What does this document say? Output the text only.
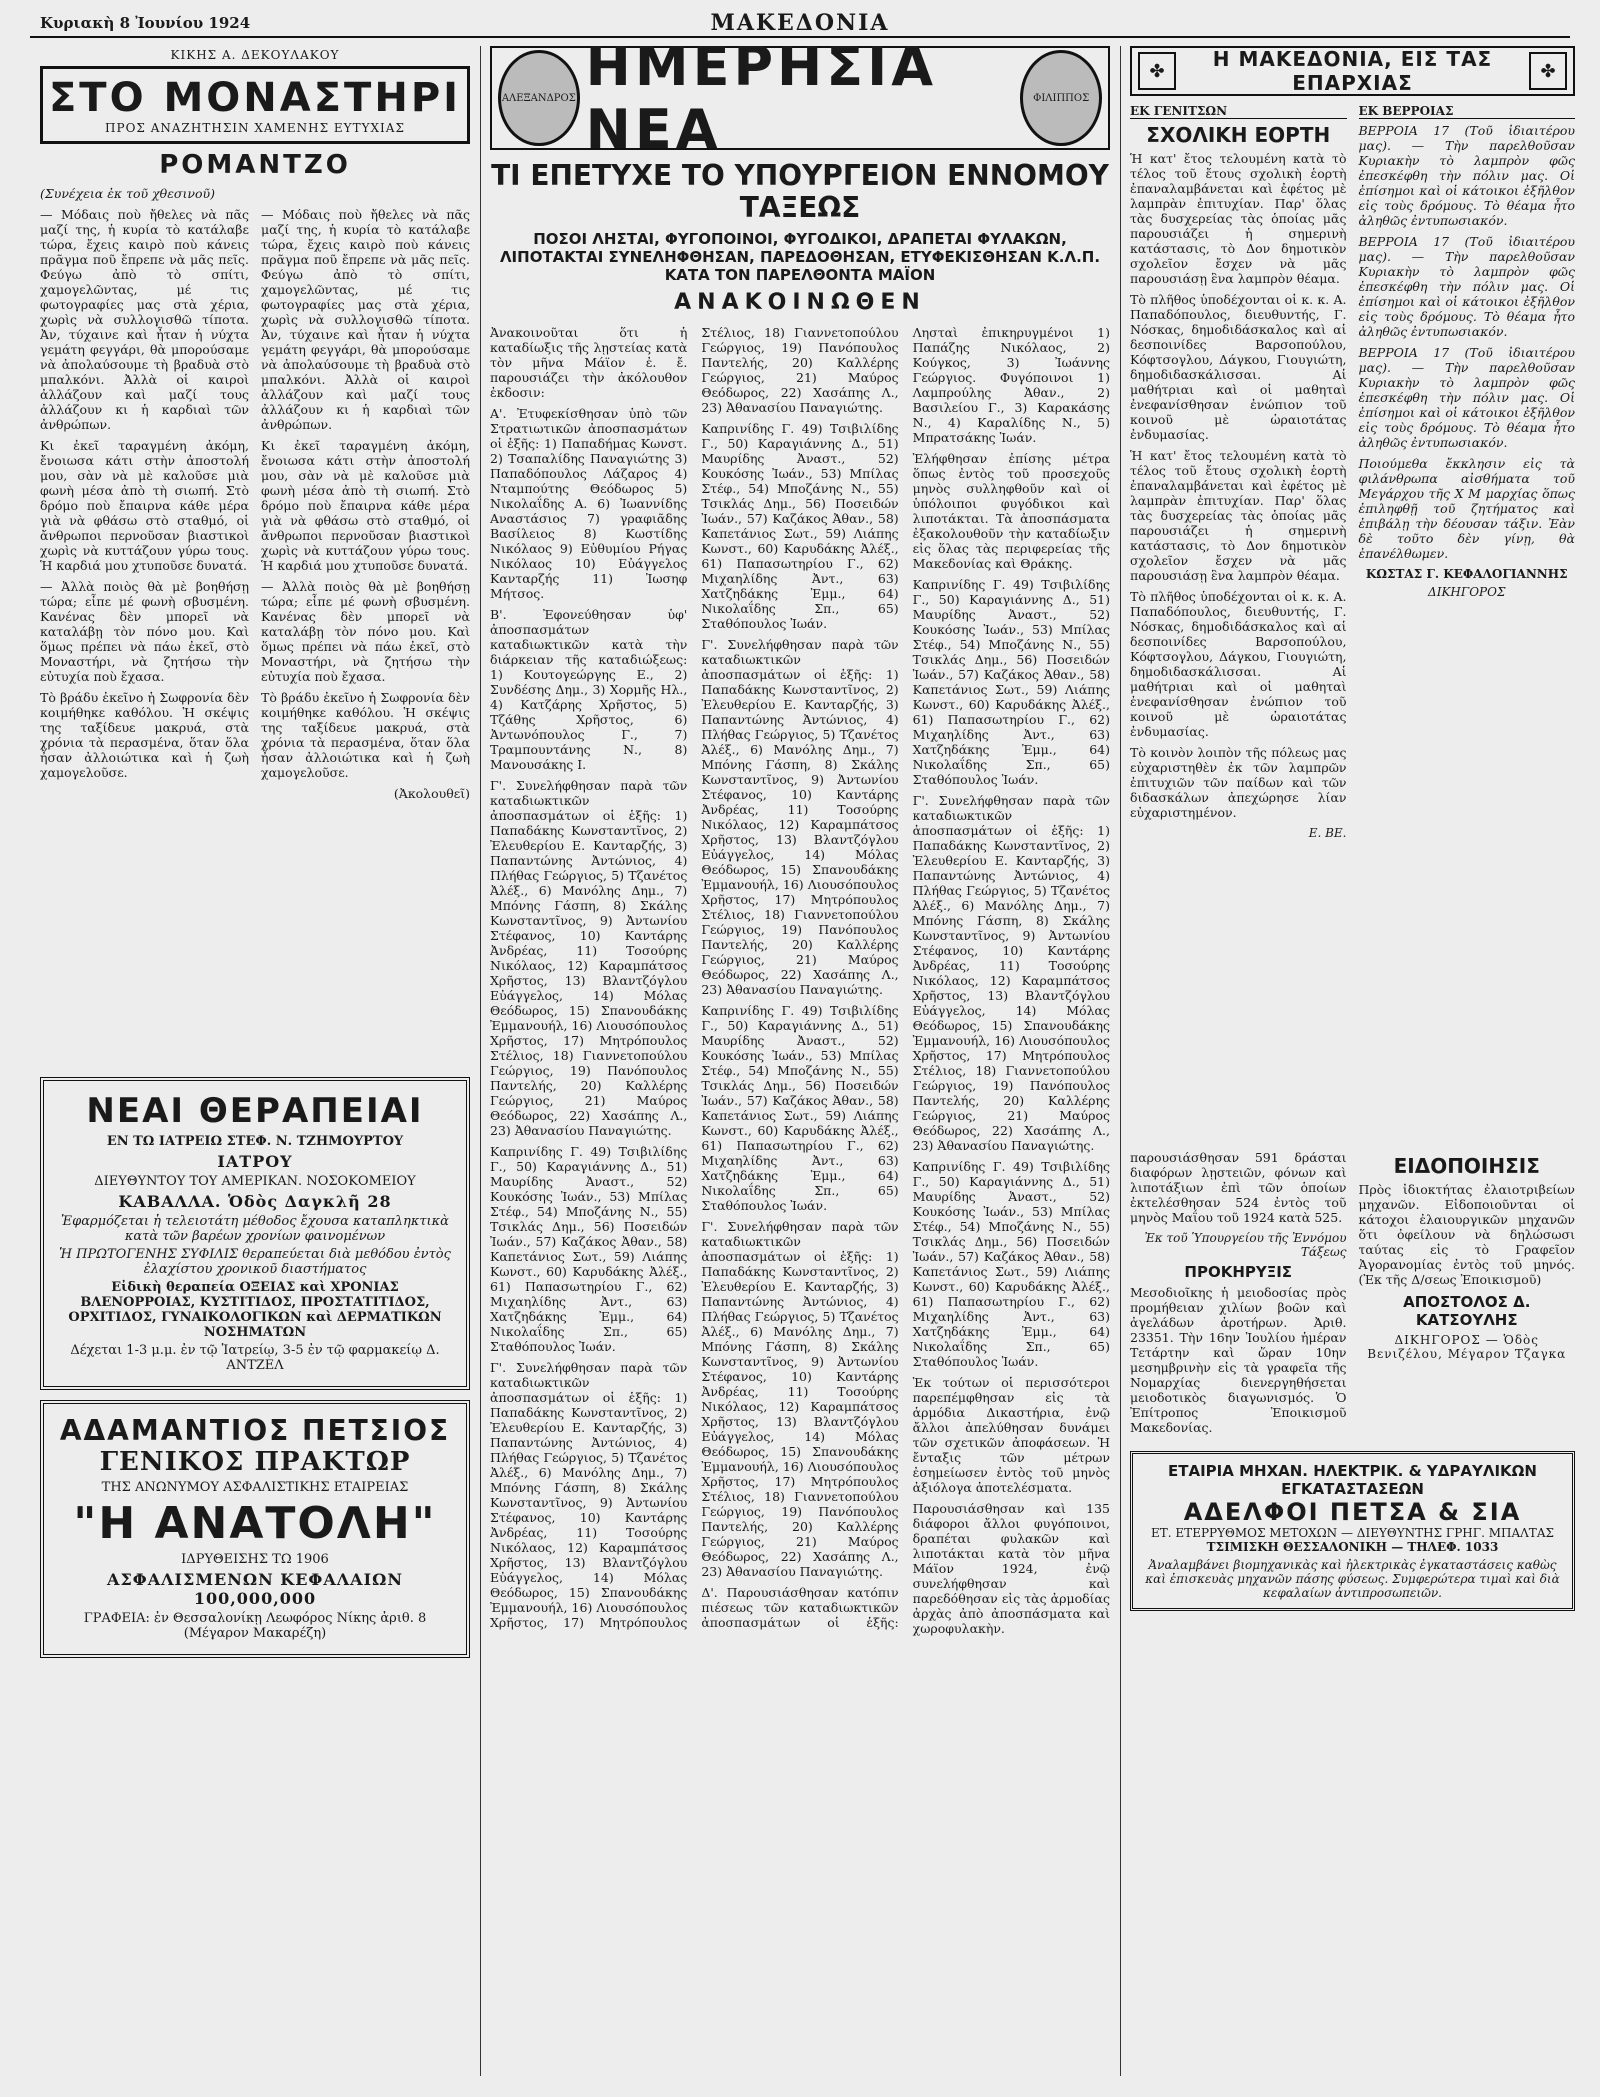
Κυριακὴ 8 Ἰουνίου 1924	ΜΑΚΕΔΟΝΙΑ
ΚΙΚΗΣ Α. ΔΕΚΟΥΛΑΚΟΥ
ΣΤΟ ΜΟΝΑΣΤΗΡΙ
ΠΡΟΣ ΑΝΑΖΗΤΗΣΙΝ ΧΑΜΕΝΗΣ ΕΥΤΥΧΙΑΣ
ΡΟΜΑΝΤΖΟ
(Συνέχεια ἐκ τοῦ χθεσινοῦ)

— Μόδαις ποὺ ἤθελες νὰ πᾶς μαζί της, ἡ κυρία τὸ κατάλαβε τώρα, ἔχεις καιρὸ ποὺ κάνεις πρᾶγμα ποῦ ἔπρεπε νὰ μᾶς πεῖς. Φεύγω ἀπὸ τὸ σπίτι, χαμογελῶντας, μέ τις φωτογραφίες μας στὰ χέρια, χωρὶς νὰ συλλογισθῶ τίποτα. Ἀν, τύχαινε καὶ ἦταν ἡ νύχτα γεμάτη φεγγάρι, θὰ μπορούσαμε νὰ ἀπολαύσουμε τὴ βραδυὰ στὸ μπαλκόνι. Ἀλλὰ οἱ καιροὶ ἀλλάζουν καὶ μαζί τους ἀλλάζουν κι ἡ καρδιαὶ τῶν ἀνθρώπων.

Κι ἐκεῖ ταραγμένη ἀκόμη, ἔνοιωσα κάτι στὴν ἀποστολή μου, σὰν νὰ μὲ καλοῦσε μιὰ φωνὴ μέσα ἀπὸ τὴ σιωπή. Στὸ δρόμο ποὺ ἔπαιρνα κάθε μέρα γιὰ νὰ φθάσω στὸ σταθμό, οἱ ἄνθρωποι περνοῦσαν βιαστικοὶ χωρὶς νὰ κυττάζουν γύρω τους. Ἡ καρδιά μου χτυποῦσε δυνατά.

— Ἀλλὰ ποιὸς θὰ μὲ βοηθήσῃ τώρα; εἶπε μέ φωνὴ σβυσμένη. Κανένας δὲν μπορεῖ νὰ καταλάβῃ τὸν πόνο μου. Καὶ ὅμως πρέπει νὰ πάω ἐκεῖ, στὸ Μοναστήρι, νὰ ζητήσω τὴν εὐτυχία ποὺ ἔχασα.

Τὸ βράδυ ἐκεῖνο ἡ Σωφρονία δὲν κοιμήθηκε καθόλου. Ἡ σκέψις της ταξίδευε μακρυά, στὰ χρόνια τὰ περασμένα, ὅταν ὅλα ἦσαν ἀλλοιώτικα καὶ ἡ ζωὴ χαμογελοῦσε.

— Μόδαις ποὺ ἤθελες νὰ πᾶς μαζί της, ἡ κυρία τὸ κατάλαβε τώρα, ἔχεις καιρὸ ποὺ κάνεις πρᾶγμα ποῦ ἔπρεπε νὰ μᾶς πεῖς. Φεύγω ἀπὸ τὸ σπίτι, χαμογελῶντας, μέ τις φωτογραφίες μας στὰ χέρια, χωρὶς νὰ συλλογισθῶ τίποτα. Ἀν, τύχαινε καὶ ἦταν ἡ νύχτα γεμάτη φεγγάρι, θὰ μπορούσαμε νὰ ἀπολαύσουμε τὴ βραδυὰ στὸ μπαλκόνι. Ἀλλὰ οἱ καιροὶ ἀλλάζουν καὶ μαζί τους ἀλλάζουν κι ἡ καρδιαὶ τῶν ἀνθρώπων.

Κι ἐκεῖ ταραγμένη ἀκόμη, ἔνοιωσα κάτι στὴν ἀποστολή μου, σὰν νὰ μὲ καλοῦσε μιὰ φωνὴ μέσα ἀπὸ τὴ σιωπή. Στὸ δρόμο ποὺ ἔπαιρνα κάθε μέρα γιὰ νὰ φθάσω στὸ σταθμό, οἱ ἄνθρωποι περνοῦσαν βιαστικοὶ χωρὶς νὰ κυττάζουν γύρω τους. Ἡ καρδιά μου χτυποῦσε δυνατά.

— Ἀλλὰ ποιὸς θὰ μὲ βοηθήσῃ τώρα; εἶπε μέ φωνὴ σβυσμένη. Κανένας δὲν μπορεῖ νὰ καταλάβῃ τὸν πόνο μου. Καὶ ὅμως πρέπει νὰ πάω ἐκεῖ, στὸ Μοναστήρι, νὰ ζητήσω τὴν εὐτυχία ποὺ ἔχασα.

Τὸ βράδυ ἐκεῖνο ἡ Σωφρονία δὲν κοιμήθηκε καθόλου. Ἡ σκέψις της ταξίδευε μακρυά, στὰ χρόνια τὰ περασμένα, ὅταν ὅλα ἦσαν ἀλλοιώτικα καὶ ἡ ζωὴ χαμογελοῦσε.

(Ἀκολουθεῖ)

ΝΕΑΙ ΘΕΡΑΠΕΙΑΙ
ΕΝ ΤΩ ΙΑΤΡΕΙΩ ΣΤΕΦ. Ν. ΤΖΗΜΟΥΡΤΟΥ
ΙΑΤΡΟΥ
ΔΙΕΥΘΥΝΤΟΥ ΤΟΥ ΑΜΕΡΙΚΑΝ. ΝΟΣΟΚΟΜΕΙΟΥ
ΚΑΒΑΛΛΑ. Ὁδὸς Δαγκλῆ 28
Ἐφαρμόζεται ἡ τελειοτάτη μέθοδος ἔχουσα καταπληκτικὰ κατὰ τῶν βαρέων χρονίων φαινομένων
Ἡ ΠΡΩΤΟΓΕΝΗΣ ΣΥΦΙΛΙΣ θεραπεύεται διὰ μεθόδου ἐντὸς ἐλαχίστου χρονικοῦ διαστήματος
Εἰδικὴ θεραπεία ΟΞΕΙΑΣ καὶ ΧΡΟΝΙΑΣ ΒΛΕΝΟΡΡΟΙΑΣ, ΚΥΣΤΙΤΙΔΟΣ, ΠΡΟΣΤΑΤΙΤΙΔΟΣ, ΟΡΧΙΤΙΔΟΣ, ΓΥΝΑΙΚΟΛΟΓΙΚΩΝ καὶ ΔΕΡΜΑΤΙΚΩΝ ΝΟΣΗΜΑΤΩΝ
Δέχεται 1-3 μ.μ. ἐν τῷ Ἰατρείῳ, 3-5 ἐν τῷ φαρμακείῳ Δ. ΑΝΤΖΕΛ
ΑΔΑΜΑΝΤΙΟΣ ΠΕΤΣΙΟΣ
ΓΕΝΙΚΟΣ ΠΡΑΚΤΩΡ
ΤΗΣ ΑΝΩΝΥΜΟΥ ΑΣΦΑΛΙΣΤΙΚΗΣ ΕΤΑΙΡΕΙΑΣ
"Η ΑΝΑΤΟΛΗ"
ΙΔΡΥΘΕΙΣΗΣ ΤΩ 1906
ΑΣΦΑΛΙΣΜΕΝΩΝ ΚΕΦΑΛΑΙΩΝ 100,000,000
ΓΡΑΦΕΙΑ: ἐν Θεσσαλονίκῃ Λεωφόρος Νίκης ἀριθ. 8 (Μέγαρον Μακαρέζη)
ΑΛΕΞΑΝΔΡΟΣ ΗΜΕΡΗΣΙΑ ΝΕΑ	ΦΙΛΙΠΠΟΣ
ΤΙ ΕΠΕΤΥΧΕ ΤΟ ΥΠΟΥΡΓΕΙΟΝ ΕΝΝΟΜΟΥ ΤΑΞΕΩΣ
ΠΟΣΟΙ ΛΗΣΤΑΙ, ΦΥΓΟΠΟΙΝΟΙ, ΦΥΓΟΔΙΚΟΙ, ΔΡΑΠΕΤΑΙ ΦΥΛΑΚΩΝ, ΛΙΠΟΤΑΚΤΑΙ ΣΥΝΕΛΗΦΘΗΣΑΝ, ΠΑΡΕΔΟΘΗΣΑΝ, ΕΤΥΦΕΚΙΣΘΗΣΑΝ Κ.Λ.Π. ΚΑΤΑ ΤΟΝ ΠΑΡΕΛΘΟΝΤΑ ΜΑΪΟΝ
ΑΝΑΚΟΙΝΩΘΕΝ

Ἀνακοινοῦται ὅτι ἡ καταδίωξις τῆς λῃστείας κατὰ τὸν μῆνα Μάϊον ἐ. ἔ. παρουσιάζει τὴν ἀκόλουθον ἐκδοσιν:

Α'. Ἐτυφεκίσθησαν ὑπὸ τῶν Στρατιωτικῶν ἀποσπασμάτων οἱ ἑξῆς: 1) Παπαδήμας Κωνστ. 2) Τσαπαλίδης Παναγιώτης 3) Παπαδόπουλος Λάζαρος 4) Νταμπούτης Θεόδωρος 5) Νικολαΐδης Α. 6) Ἰωαννίδης Αναστάσιος 7) γραφιᾶδης Βασίλειος 8) Κωστίδης Νικόλαος 9) Εὐθυμίου Ρήγας Νικόλαος 10) Εὐάγγελος Κανταρζής 11) Ἰωσηφ Μήτσος.

Β'. Ἐφονεύθησαν ὑφ' ἀποσπασμάτων καταδιωκτικῶν κατὰ τὴν διάρκειαν τῆς καταδιώξεως: 1) Κουτογεώργης Ε., 2) Συνδέσης Δημ., 3) Χορμῆς Ηλ., 4) Κατζάρης Χρῆστος, 5) Τζάθης Χρῆστος, 6) Ἀντωνόπουλος Γ., 7) Τραμπουντάνης Ν., 8) Μανουσάκης Ι.

Γ'. Συνελήφθησαν παρὰ τῶν καταδιωκτικῶν ἀποσπασμάτων οἱ ἑξῆς: 1) Παπαδάκης Κωνσταντῖνος, 2) Ἐλευθερίου Ε. Κανταρζής, 3) Παπαντώνης Ἀντώνιος, 4) Πλήθας Γεώργιος, 5) Τζανέτος Ἀλέξ., 6) Μανόλης Δημ., 7) Μπόνης Γάσπη, 8) Σκάλης Κωνσταντῖνος, 9) Ἀντωνίου Στέφανος, 10) Καντάρης Ἀνδρέας, 11) Τοσούρης Νικόλαος, 12) Καραμπάτσος Χρῆστος, 13) Βλαντζόγλου Εὐάγγελος, 14) Μόλας Θεόδωρος, 15) Σπανουδάκης Ἐμμανουήλ, 16) Λιουσόπουλος Χρῆστος, 17) Μητρόπουλος Στέλιος, 18) Γιαννετοπούλου Γεώργιος, 19) Πανόπουλος Παντελής, 20) Καλλέρης Γεώργιος, 21) Μαύρος Θεόδωρος, 22) Χασάπης Λ., 23) Ἀθανασίου Παναγιώτης.

Καπρινίδης Γ. 49) Τσιβιλίδης Γ., 50) Καραγιάννης Δ., 51) Μαυρίδης Ἀναστ., 52) Κουκόσης Ἰωάν., 53) Μπίλας Στέφ., 54) Μποζάνης Ν., 55) Τσικλάς Δημ., 56) Ποσειδών Ἰωάν., 57) Καζάκος Ἀθαν., 58) Καπετάνιος Σωτ., 59) Λιάπης Κωνστ., 60) Καρυδάκης Ἀλέξ., 61) Παπασωτηρίου Γ., 62) Μιχαηλίδης Ἀντ., 63) Χατζηδάκης Ἐμμ., 64) Νικολαΐδης Σπ., 65) Σταθόπουλος Ἰωάν.

Γ'. Συνελήφθησαν παρὰ τῶν καταδιωκτικῶν ἀποσπασμάτων οἱ ἑξῆς: 1) Παπαδάκης Κωνσταντῖνος, 2) Ἐλευθερίου Ε. Κανταρζής, 3) Παπαντώνης Ἀντώνιος, 4) Πλήθας Γεώργιος, 5) Τζανέτος Ἀλέξ., 6) Μανόλης Δημ., 7) Μπόνης Γάσπη, 8) Σκάλης Κωνσταντῖνος, 9) Ἀντωνίου Στέφανος, 10) Καντάρης Ἀνδρέας, 11) Τοσούρης Νικόλαος, 12) Καραμπάτσος Χρῆστος, 13) Βλαντζόγλου Εὐάγγελος, 14) Μόλας Θεόδωρος, 15) Σπανουδάκης Ἐμμανουήλ, 16) Λιουσόπουλος Χρῆστος, 17) Μητρόπουλος Στέλιος, 18) Γιαννετοπούλου Γεώργιος, 19) Πανόπουλος Παντελής, 20) Καλλέρης Γεώργιος, 21) Μαύρος Θεόδωρος, 22) Χασάπης Λ., 23) Ἀθανασίου Παναγιώτης.

Καπρινίδης Γ. 49) Τσιβιλίδης Γ., 50) Καραγιάννης Δ., 51) Μαυρίδης Ἀναστ., 52) Κουκόσης Ἰωάν., 53) Μπίλας Στέφ., 54) Μποζάνης Ν., 55) Τσικλάς Δημ., 56) Ποσειδών Ἰωάν., 57) Καζάκος Ἀθαν., 58) Καπετάνιος Σωτ., 59) Λιάπης Κωνστ., 60) Καρυδάκης Ἀλέξ., 61) Παπασωτηρίου Γ., 62) Μιχαηλίδης Ἀντ., 63) Χατζηδάκης Ἐμμ., 64) Νικολαΐδης Σπ., 65) Σταθόπουλος Ἰωάν.

Γ'. Συνελήφθησαν παρὰ τῶν καταδιωκτικῶν ἀποσπασμάτων οἱ ἑξῆς: 1) Παπαδάκης Κωνσταντῖνος, 2) Ἐλευθερίου Ε. Κανταρζής, 3) Παπαντώνης Ἀντώνιος, 4) Πλήθας Γεώργιος, 5) Τζανέτος Ἀλέξ., 6) Μανόλης Δημ., 7) Μπόνης Γάσπη, 8) Σκάλης Κωνσταντῖνος, 9) Ἀντωνίου Στέφανος, 10) Καντάρης Ἀνδρέας, 11) Τοσούρης Νικόλαος, 12) Καραμπάτσος Χρῆστος, 13) Βλαντζόγλου Εὐάγγελος, 14) Μόλας Θεόδωρος, 15) Σπανουδάκης Ἐμμανουήλ, 16) Λιουσόπουλος Χρῆστος, 17) Μητρόπουλος Στέλιος, 18) Γιαννετοπούλου Γεώργιος, 19) Πανόπουλος Παντελής, 20) Καλλέρης Γεώργιος, 21) Μαύρος Θεόδωρος, 22) Χασάπης Λ., 23) Ἀθανασίου Παναγιώτης.

Καπρινίδης Γ. 49) Τσιβιλίδης Γ., 50) Καραγιάννης Δ., 51) Μαυρίδης Ἀναστ., 52) Κουκόσης Ἰωάν., 53) Μπίλας Στέφ., 54) Μποζάνης Ν., 55) Τσικλάς Δημ., 56) Ποσειδών Ἰωάν., 57) Καζάκος Ἀθαν., 58) Καπετάνιος Σωτ., 59) Λιάπης Κωνστ., 60) Καρυδάκης Ἀλέξ., 61) Παπασωτηρίου Γ., 62) Μιχαηλίδης Ἀντ., 63) Χατζηδάκης Ἐμμ., 64) Νικολαΐδης Σπ., 65) Σταθόπουλος Ἰωάν.

Γ'. Συνελήφθησαν παρὰ τῶν καταδιωκτικῶν ἀποσπασμάτων οἱ ἑξῆς: 1) Παπαδάκης Κωνσταντῖνος, 2) Ἐλευθερίου Ε. Κανταρζής, 3) Παπαντώνης Ἀντώνιος, 4) Πλήθας Γεώργιος, 5) Τζανέτος Ἀλέξ., 6) Μανόλης Δημ., 7) Μπόνης Γάσπη, 8) Σκάλης Κωνσταντῖνος, 9) Ἀντωνίου Στέφανος, 10) Καντάρης Ἀνδρέας, 11) Τοσούρης Νικόλαος, 12) Καραμπάτσος Χρῆστος, 13) Βλαντζόγλου Εὐάγγελος, 14) Μόλας Θεόδωρος, 15) Σπανουδάκης Ἐμμανουήλ, 16) Λιουσόπουλος Χρῆστος, 17) Μητρόπουλος Στέλιος, 18) Γιαννετοπούλου Γεώργιος, 19) Πανόπουλος Παντελής, 20) Καλλέρης Γεώργιος, 21) Μαύρος Θεόδωρος, 22) Χασάπης Λ., 23) Ἀθανασίου Παναγιώτης.

Δ'. Παρουσιάσθησαν κατόπιν πιέσεως τῶν καταδιωκτικῶν ἀποσπασμάτων οἱ ἑξῆς: Λησταὶ ἐπικηρυγμένοι 1) Παπάζης Νικόλαος, 2) Κούγκος, 3) Ἰωάννης Γεώργιος. Φυγόποινοι 1) Λαμπρούλης Ἀθαν., 2) Βασιλείου Γ., 3) Καρακάσης Ν., 4) Καραλίδης Ν., 5) Μπρατσάκης Ἰωάν.

Ἐλήφθησαν ἐπίσης μέτρα ὅπως ἐντὸς τοῦ προσεχοῦς μηνὸς συλληφθοῦν καὶ οἱ ὑπόλοιποι φυγόδικοι καὶ λιποτάκται. Τὰ ἀποσπάσματα ἐξακολουθοῦν τὴν καταδίωξιν εἰς ὅλας τὰς περιφερείας τῆς Μακεδονίας καὶ Θράκης.

Καπρινίδης Γ. 49) Τσιβιλίδης Γ., 50) Καραγιάννης Δ., 51) Μαυρίδης Ἀναστ., 52) Κουκόσης Ἰωάν., 53) Μπίλας Στέφ., 54) Μποζάνης Ν., 55) Τσικλάς Δημ., 56) Ποσειδών Ἰωάν., 57) Καζάκος Ἀθαν., 58) Καπετάνιος Σωτ., 59) Λιάπης Κωνστ., 60) Καρυδάκης Ἀλέξ., 61) Παπασωτηρίου Γ., 62) Μιχαηλίδης Ἀντ., 63) Χατζηδάκης Ἐμμ., 64) Νικολαΐδης Σπ., 65) Σταθόπουλος Ἰωάν.

Γ'. Συνελήφθησαν παρὰ τῶν καταδιωκτικῶν ἀποσπασμάτων οἱ ἑξῆς: 1) Παπαδάκης Κωνσταντῖνος, 2) Ἐλευθερίου Ε. Κανταρζής, 3) Παπαντώνης Ἀντώνιος, 4) Πλήθας Γεώργιος, 5) Τζανέτος Ἀλέξ., 6) Μανόλης Δημ., 7) Μπόνης Γάσπη, 8) Σκάλης Κωνσταντῖνος, 9) Ἀντωνίου Στέφανος, 10) Καντάρης Ἀνδρέας, 11) Τοσούρης Νικόλαος, 12) Καραμπάτσος Χρῆστος, 13) Βλαντζόγλου Εὐάγγελος, 14) Μόλας Θεόδωρος, 15) Σπανουδάκης Ἐμμανουήλ, 16) Λιουσόπουλος Χρῆστος, 17) Μητρόπουλος Στέλιος, 18) Γιαννετοπούλου Γεώργιος, 19) Πανόπουλος Παντελής, 20) Καλλέρης Γεώργιος, 21) Μαύρος Θεόδωρος, 22) Χασάπης Λ., 23) Ἀθανασίου Παναγιώτης.

Καπρινίδης Γ. 49) Τσιβιλίδης Γ., 50) Καραγιάννης Δ., 51) Μαυρίδης Ἀναστ., 52) Κουκόσης Ἰωάν., 53) Μπίλας Στέφ., 54) Μποζάνης Ν., 55) Τσικλάς Δημ., 56) Ποσειδών Ἰωάν., 57) Καζάκος Ἀθαν., 58) Καπετάνιος Σωτ., 59) Λιάπης Κωνστ., 60) Καρυδάκης Ἀλέξ., 61) Παπασωτηρίου Γ., 62) Μιχαηλίδης Ἀντ., 63) Χατζηδάκης Ἐμμ., 64) Νικολαΐδης Σπ., 65) Σταθόπουλος Ἰωάν.

Ἐκ τούτων οἱ περισσότεροι παρεπέμφθησαν εἰς τὰ ἁρμόδια Δικαστήρια, ἐνῷ ἄλλοι ἀπελύθησαν δυνάμει τῶν σχετικῶν ἀποφάσεων. Ἡ ἔνταξις τῶν μέτρων ἐσημείωσεν ἐντὸς τοῦ μηνὸς ἀξιόλογα ἀποτελέσματα.

Παρουσιάσθησαν καὶ 135 διάφοροι ἄλλοι φυγόποινοι, δραπέται φυλακῶν καὶ λιποτάκται κατὰ τὸν μῆνα Μάϊον 1924, ἐνῷ συνελήφθησαν καὶ παρεδόθησαν εἰς τὰς ἀρμοδίας ἀρχὰς ἀπὸ ἀποσπάσματα καὶ χωροφυλακὴν.

✤	Η ΜΑΚΕΔΟΝΙΑ, ΕΙΣ ΤΑΣ ΕΠΑΡΧΙΑΣ	✤
ΕΚ ΓΕΝΙΤΣΩΝ
ΣΧΟΛΙΚΗ ΕΟΡΤΗ

Ἡ κατ' ἔτος τελουμένη κατὰ τὸ τέλος τοῦ ἔτους σχολικὴ ἑορτὴ ἐπαναλαμβάνεται καὶ ἐφέτος μὲ λαμπρὰν ἐπιτυχίαν. Παρ' ὅλας τὰς δυσχερείας τὰς ὁποίας μᾶς παρουσιάζει ἡ σημερινὴ κατάστασις, τὸ Δον δημοτικὸν σχολεῖον ἔσχεν νὰ μᾶς παρουσιάσῃ ἓνα λαμπρὸν θέαμα.

Τὸ πλῆθος ὑποδέχονται οἱ κ. κ. Α. Παπαδόπουλος, διευθυντής, Γ. Νόσκας, δημοδιδάσκαλος καὶ αἱ δεσποινίδες Βαρσοπούλου, Κόφτσογλου, Δάγκου, Γιουγιώτη, δημοδιδασκάλισσαι. Αἱ μαθήτριαι καὶ οἱ μαθηταὶ ἐνεφανίσθησαν ἐνώπιον τοῦ κοινοῦ μὲ ὡραιοτάτας ἐνδυμασίας.

Ἡ κατ' ἔτος τελουμένη κατὰ τὸ τέλος τοῦ ἔτους σχολικὴ ἑορτὴ ἐπαναλαμβάνεται καὶ ἐφέτος μὲ λαμπρὰν ἐπιτυχίαν. Παρ' ὅλας τὰς δυσχερείας τὰς ὁποίας μᾶς παρουσιάζει ἡ σημερινὴ κατάστασις, τὸ Δον δημοτικὸν σχολεῖον ἔσχεν νὰ μᾶς παρουσιάσῃ ἓνα λαμπρὸν θέαμα.

Τὸ πλῆθος ὑποδέχονται οἱ κ. κ. Α. Παπαδόπουλος, διευθυντής, Γ. Νόσκας, δημοδιδάσκαλος καὶ αἱ δεσποινίδες Βαρσοπούλου, Κόφτσογλου, Δάγκου, Γιουγιώτη, δημοδιδασκάλισσαι. Αἱ μαθήτριαι καὶ οἱ μαθηταὶ ἐνεφανίσθησαν ἐνώπιον τοῦ κοινοῦ μὲ ὡραιοτάτας ἐνδυμασίας.

Τὸ κοινὸν λοιπὸν τῆς πόλεως μας εὐχαριστηθὲν ἐκ τῶν λαμπρῶν ἐπιτυχιῶν τῶν παίδων καὶ τῶν διδασκάλων ἀπεχώρησε λίαν εὐχαριστημένον.

Ε. ΒΕ.
ΕΚ ΒΕΡΡΟΙΑΣ

ΒΕΡΡΟΙΑ 17 (Τοῦ ἰδιαιτέρου μας). — Τὴν παρελθοῦσαν Κυριακὴν τὸ λαμπρὸν φῶς ἐπεσκέφθη τὴν πόλιν μας. Οἱ ἐπίσημοι καὶ οἱ κάτοικοι ἐξῆλθον εἰς τοὺς δρόμους. Τὸ θέαμα ἦτο ἀληθῶς ἐντυπωσιακόν.

ΒΕΡΡΟΙΑ 17 (Τοῦ ἰδιαιτέρου μας). — Τὴν παρελθοῦσαν Κυριακὴν τὸ λαμπρὸν φῶς ἐπεσκέφθη τὴν πόλιν μας. Οἱ ἐπίσημοι καὶ οἱ κάτοικοι ἐξῆλθον εἰς τοὺς δρόμους. Τὸ θέαμα ἦτο ἀληθῶς ἐντυπωσιακόν.

ΒΕΡΡΟΙΑ 17 (Τοῦ ἰδιαιτέρου μας). — Τὴν παρελθοῦσαν Κυριακὴν τὸ λαμπρὸν φῶς ἐπεσκέφθη τὴν πόλιν μας. Οἱ ἐπίσημοι καὶ οἱ κάτοικοι ἐξῆλθον εἰς τοὺς δρόμους. Τὸ θέαμα ἦτο ἀληθῶς ἐντυπωσιακόν.

Ποιούμεθα ἔκκλησιν εἰς τὰ φιλάνθρωπα αἰσθήματα τοῦ Μεγάρχου τῆς Χ Μ μαρχίας ὅπως ἐπιληφθῇ τοῦ ζητήματος καὶ ἐπιβάλῃ τὴν δέουσαν τάξιν. Ἐὰν δὲ τοῦτο δὲν γίνῃ, θὰ ἐπανέλθωμεν.

ΚΩΣΤΑΣ Γ. ΚΕΦΑΛΟΓΙΑΝΝΗΣ
ΔΙΚΗΓΟΡΟΣ

παρουσιάσθησαν 591 δράσται διαφόρων λῃστειῶν, φόνων καὶ λιποτάξιων ἐπὶ τῶν ὁποίων ἐκτελέσθησαν 524 ἐντὸς τοῦ μηνὸς Μαΐου τοῦ 1924 κατὰ 525.

Ἐκ τοῦ Ὑπουργείου τῆς Ἐννόμου Τάξεως
ΠΡΟΚΗΡΥΞΙΣ

Μεσοδιοῖκης ἡ μειοδοσίας πρὸς προμήθειαν χιλίων βοῶν καὶ ἀγελάδων ἀροτήρων. Ἀριθ. 23351. Τὴν 16ην Ἰουλίου ἡμέραν Τετάρτην καὶ ὥραν 10ην μεσημβρινὴν εἰς τὰ γραφεῖα τῆς Νομαρχίας διενεργηθήσεται μειοδοτικὸς διαγωνισμός. Ὁ Ἐπίτροπος Ἐποικισμοῦ Μακεδονίας.

ΕΙΔΟΠΟΙΗΣΙΣ

Πρὸς ἰδιοκτήτας ἐλαιοτριβείων μηχανῶν. Εἰδοποιοῦνται οἱ κάτοχοι ἐλαιουργικῶν μηχανῶν ὅτι ὀφείλουν νὰ δηλώσωσι ταύτας εἰς τὸ Γραφεῖον Ἀγορανομίας ἐντὸς τοῦ μηνός. (Ἐκ τῆς Δ/σεως Ἐποικισμοῦ)

ΑΠΟΣΤΟΛΟΣ Δ. ΚΑΤΣΟΥΛΗΣ
ΔΙΚΗΓΟΡΟΣ — Ὁδὸς Βενιζέλου, Μέγαρον Τζαγκα
ΕΤΑΙΡΙΑ ΜΗΧΑΝ. ΗΛΕΚΤΡΙΚ. & ΥΔΡΑΥΛΙΚΩΝ ΕΓΚΑΤΑΣΤΑΣΕΩΝ
ΑΔΕΛΦΟΙ ΠΕΤΣΑ & ΣΙΑ
ΕΤ. ΕΤΕΡΡΥΘΜΟΣ ΜΕΤΟΧΩΝ — ΔΙΕΥΘΥΝΤΗΣ ΓΡΗΓ. ΜΠΑΛΤΑΣ
ΤΣΙΜΙΣΚΗ ΘΕΣΣΑΛΟΝΙΚΗ — ΤΗΛΕΦ. 1033
Ἀναλαμβάνει βιομηχανικὰς καὶ ἠλεκτρικὰς ἐγκαταστάσεις καθὼς καὶ ἐπισκευὰς μηχανῶν πάσης φύσεως. Συμφερώτερα τιμαὶ καὶ διὰ κεφαλαίων ἀντιπροσωπειῶν.
